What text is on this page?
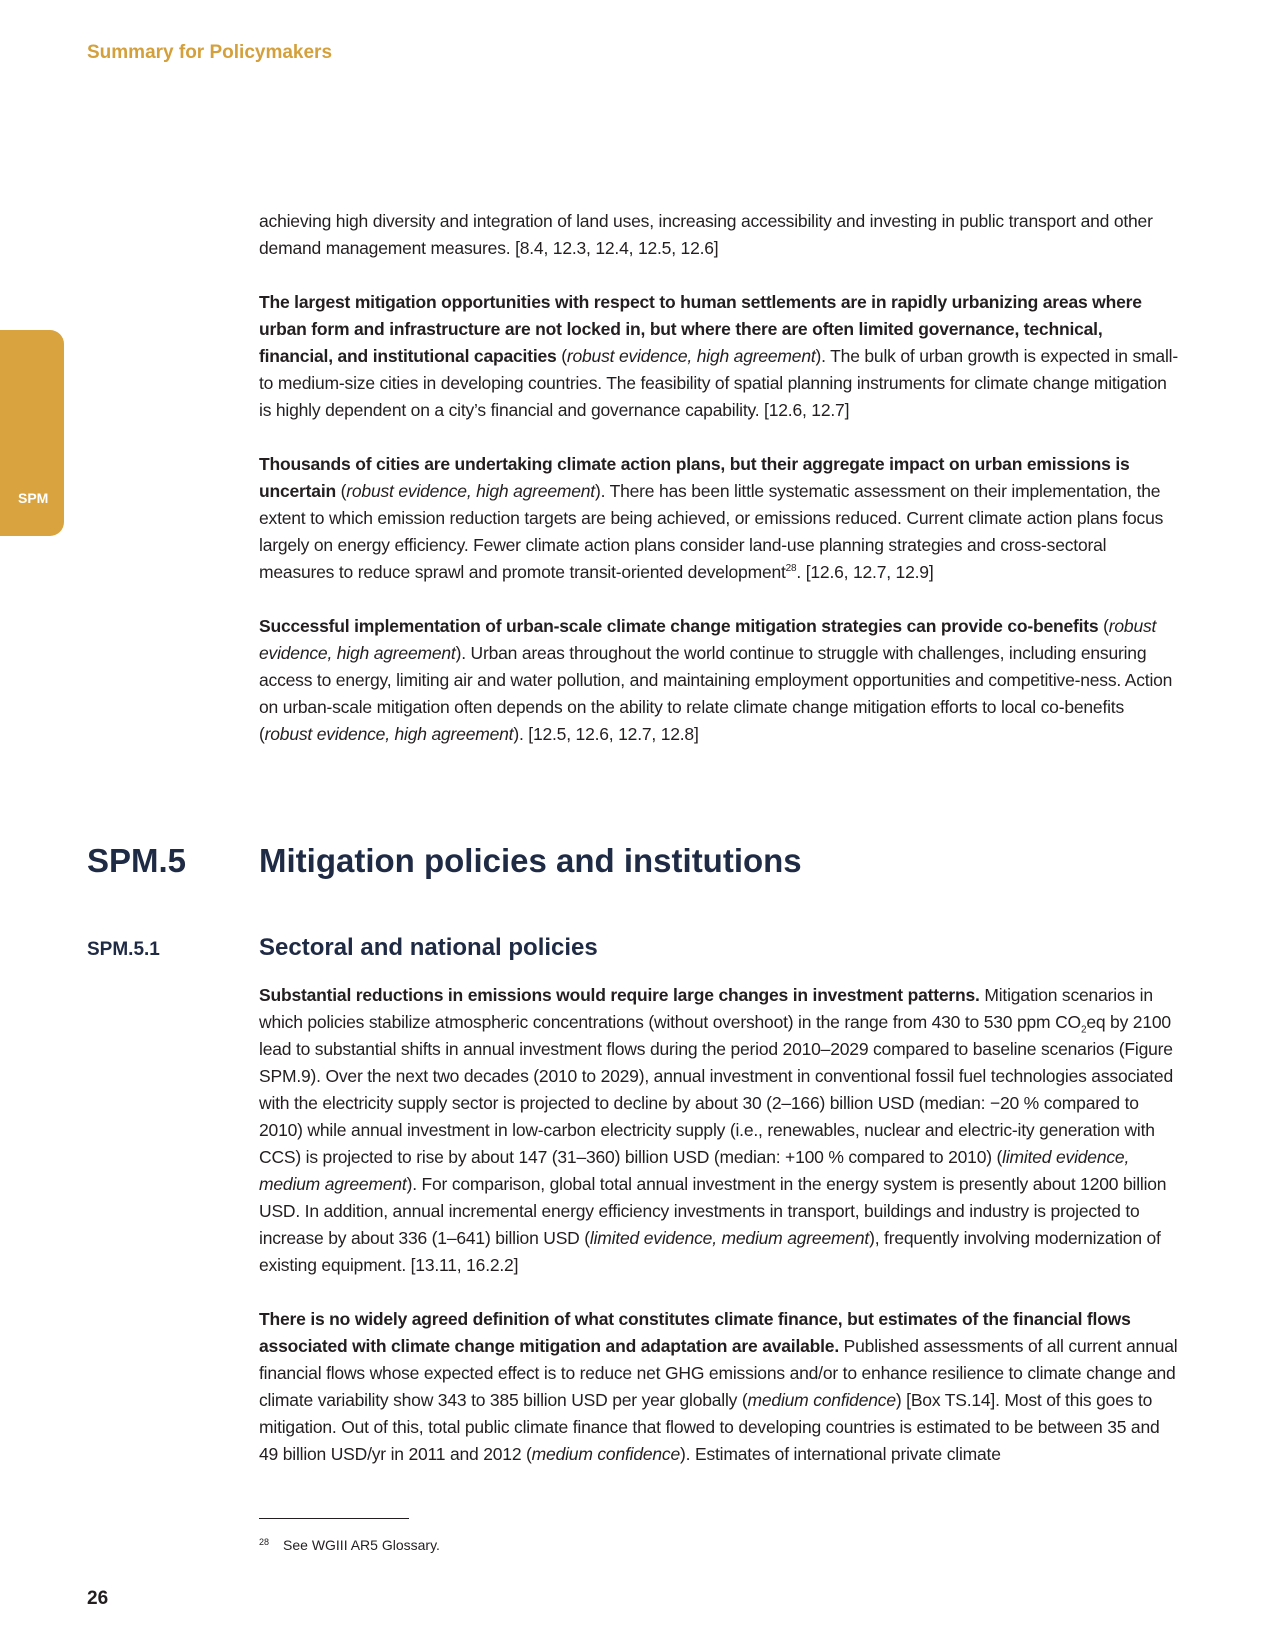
Summary for Policymakers
SPM

achieving high diversity and integration of land uses, increasing accessibility and investing in public transport and other demand management measures. [8.4, 12.3, 12.4, 12.5, 12.6]

The largest mitigation opportunities with respect to human settlements are in rapidly urbanizing areas where urban form and infrastructure are not locked in, but where there are often limited governance, technical, financial, and institutional capacities (robust evidence, high agreement). The bulk of urban growth is expected in small- to medium-size cities in developing countries. The feasibility of spatial planning instruments for climate change mitigation is highly dependent on a city’s financial and governance capability. [12.6, 12.7]

Thousands of cities are undertaking climate action plans, but their aggregate impact on urban emissions is uncertain (robust evidence, high agreement). There has been little systematic assessment on their implementation, the extent to which emission reduction targets are being achieved, or emissions reduced. Current climate action plans focus largely on energy efficiency. Fewer climate action plans consider land-use planning strategies and cross-sectoral measures to reduce sprawl and promote transit-oriented development$^{28}$. [12.6, 12.7, 12.9]

Successful implementation of urban-scale climate change mitigation strategies can provide co-benefits (robust evidence, high agreement). Urban areas throughout the world continue to struggle with challenges, including ensuring access to energy, limiting air and water pollution, and maintaining employment opportunities and competitive-ness. Action on urban-scale mitigation often depends on the ability to relate climate change mitigation efforts to local co-benefits (robust evidence, high agreement). [12.5, 12.6, 12.7, 12.8]

SPM.5 Mitigation policies and institutions
SPM.5.1	Sectoral and national policies

Substantial reductions in emissions would require large changes in investment patterns. Mitigation scenarios in which policies stabilize atmospheric concentrations (without overshoot) in the range from 430 to 530 ppm $CO_2eq$ by 2100 lead to substantial shifts in annual investment flows during the period 2010–2029 compared to baseline scenarios (Figure SPM.9). Over the next two decades (2010 to 2029), annual investment in conventional fossil fuel technologies associated with the electricity supply sector is projected to decline by about 30 (2–166) billion USD (median: −20 % compared to 2010) while annual investment in low-carbon electricity supply (i.e., renewables, nuclear and electric-ity generation with CCS) is projected to rise by about 147 (31–360) billion USD (median: +100 % compared to 2010) (limited evidence, medium agreement). For comparison, global total annual investment in the energy system is presently about 1200 billion USD. In addition, annual incremental energy efficiency investments in transport, buildings and industry is projected to increase by about 336 (1–641) billion USD (limited evidence, medium agreement), frequently involving modernization of existing equipment. [13.11, 16.2.2]

There is no widely agreed definition of what constitutes climate finance, but estimates of the financial flows associated with climate change mitigation and adaptation are available. Published assessments of all current annual financial flows whose expected effect is to reduce net GHG emissions and/or to enhance resilience to climate change and climate variability show 343 to 385 billion USD per year globally (medium confidence) [Box TS.14]. Most of this goes to mitigation. Out of this, total public climate finance that flowed to developing countries is estimated to be between 35 and 49 billion USD/yr in 2011 and 2012 (medium confidence). Estimates of international private climate

$^{28}$ See WGIII AR5 Glossary.
26
